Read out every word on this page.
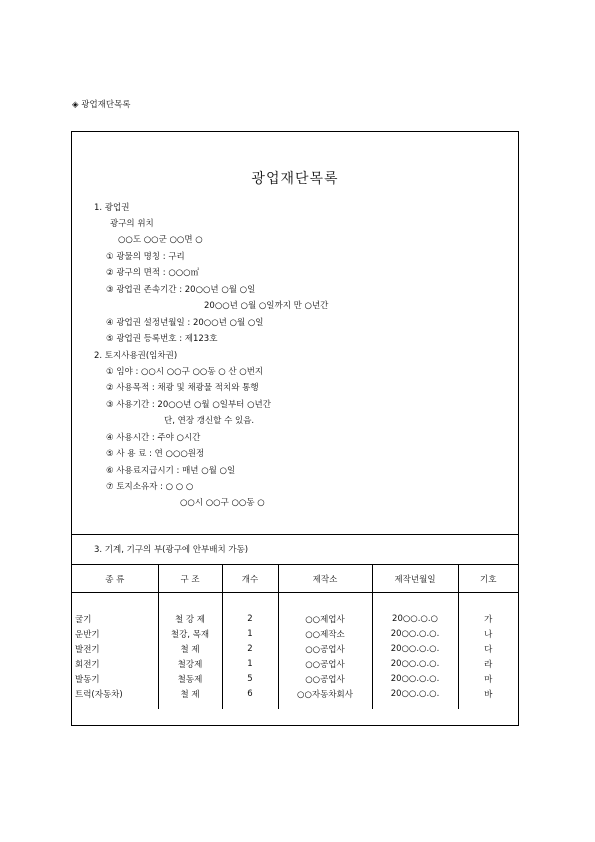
◈ 광업재단목록
광업재단목록
1. 광업권
광구의 위치
○○도 ○○군 ○○면 ○
① 광물의 명칭 : 구리
② 광구의 면적 : ○○○㎡
③ 광업권 존속기간 : 20○○년 ○월 ○일
20○○년 ○월 ○일까지 만 ○년간
④ 광업권 설정년월일 : 20○○년 ○월 ○일
⑤ 광업권 등록번호 : 제123호
2. 토지사용권(임차권)
① 임야 : ○○시 ○○구 ○○동 ○ 산 ○번지
② 사용목적 : 채광 및 채광물 적치와 통행
③ 사용기간 : 20○○년 ○월 ○일부터 ○년간
단, 연장 갱신할 수 있음.
④ 사용시간 : 주야 ○시간
⑤ 사 용 료 : 연 ○○○원정
⑥ 사용료지급시기 : 매년 ○월 ○일
⑦ 토지소유자 : ○ ○ ○
○○시 ○○구 ○○동 ○
3. 기계, 기구의 부(광구에 안부배치 가동)
종 류	구 조	개수	제작소	제작년월일	기호

굴기	철 강 제	2	○○제업사	20○○.○.○	가
운반기	철강, 목재	1	○○제작소	20○○.○.○.	나
발전기	철 제	2	○○공업사	20○○.○.○.	다
회전기	철강제	1	○○공업사	20○○.○.○.	라
발동기	철동제	5	○○공업사	20○○.○.○.	마
트럭(자동차)	철 제	6	○○자동차회사	20○○.○.○.	바
